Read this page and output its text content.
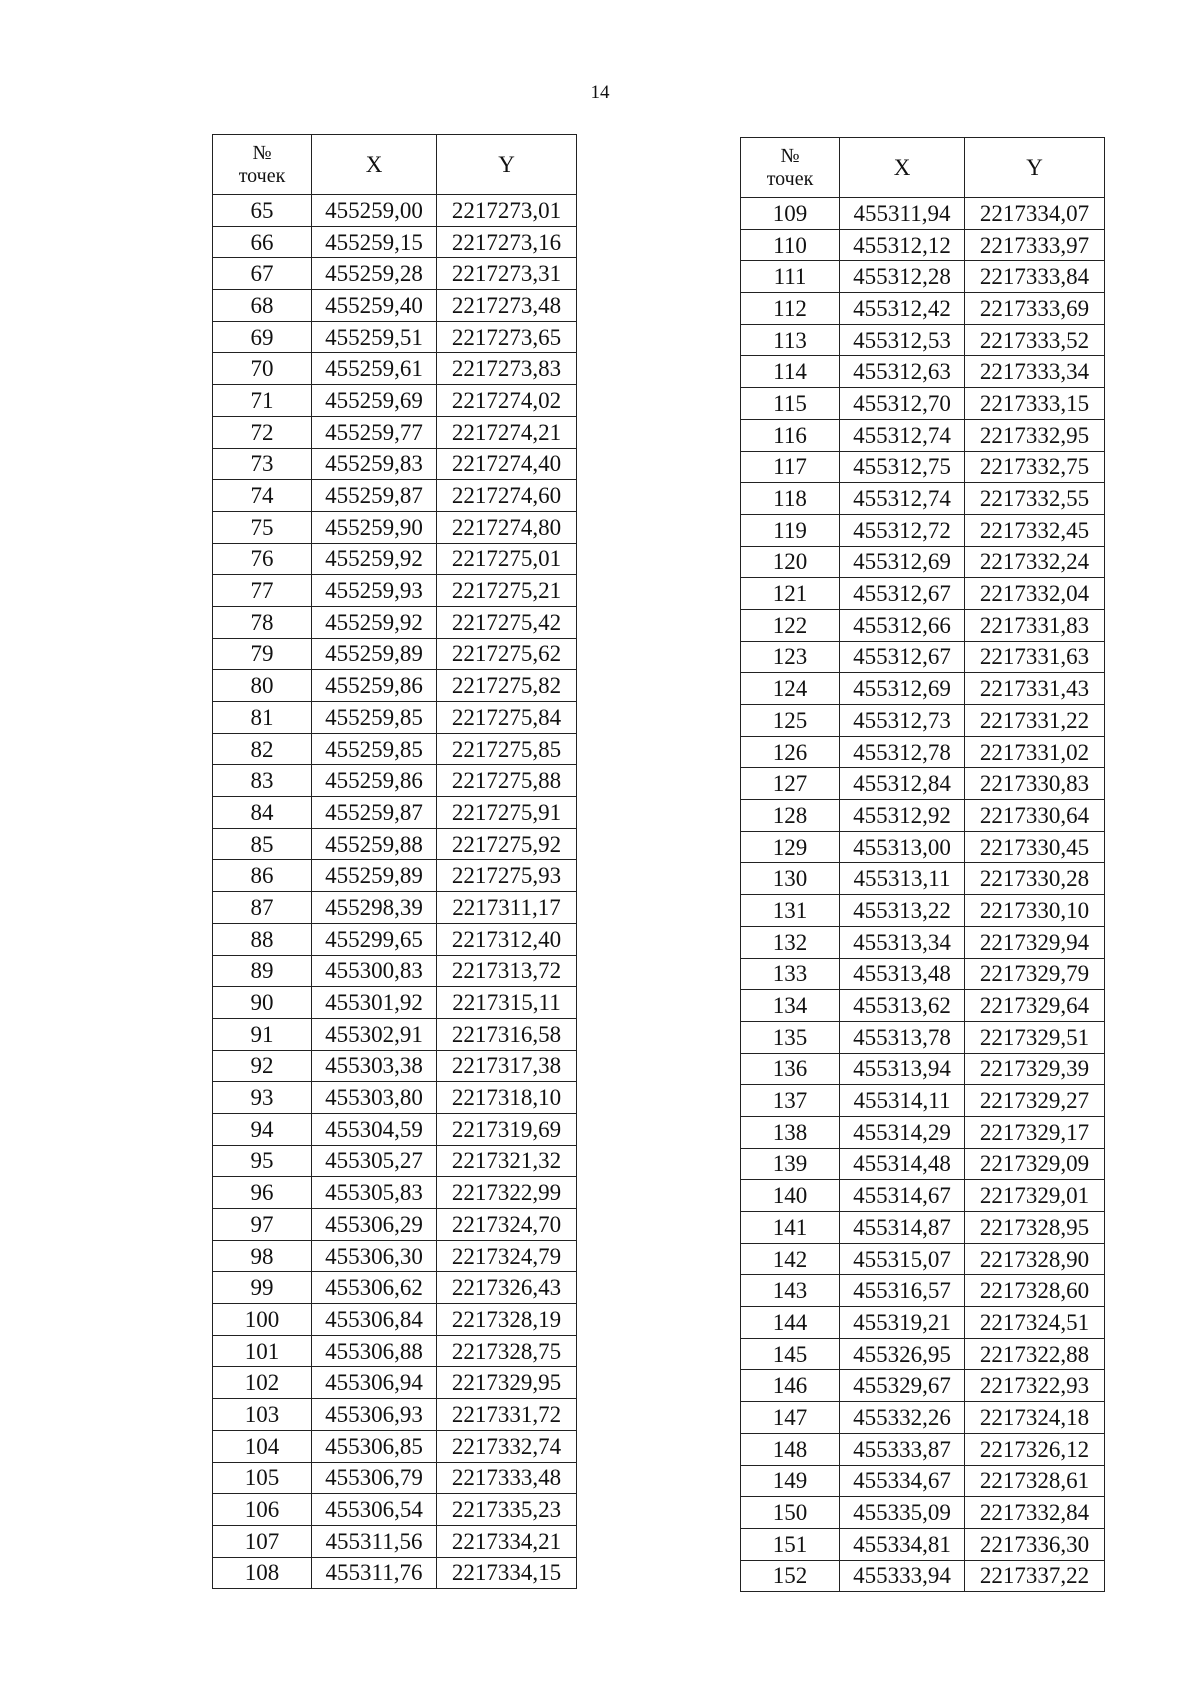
14
№
точек	X	Y
65	455259,00	2217273,01
66	455259,15	2217273,16
67	455259,28	2217273,31
68	455259,40	2217273,48
69	455259,51	2217273,65
70	455259,61	2217273,83
71	455259,69	2217274,02
72	455259,77	2217274,21
73	455259,83	2217274,40
74	455259,87	2217274,60
75	455259,90	2217274,80
76	455259,92	2217275,01
77	455259,93	2217275,21
78	455259,92	2217275,42
79	455259,89	2217275,62
80	455259,86	2217275,82
81	455259,85	2217275,84
82	455259,85	2217275,85
83	455259,86	2217275,88
84	455259,87	2217275,91
85	455259,88	2217275,92
86	455259,89	2217275,93
87	455298,39	2217311,17
88	455299,65	2217312,40
89	455300,83	2217313,72
90	455301,92	2217315,11
91	455302,91	2217316,58
92	455303,38	2217317,38
93	455303,80	2217318,10
94	455304,59	2217319,69
95	455305,27	2217321,32
96	455305,83	2217322,99
97	455306,29	2217324,70
98	455306,30	2217324,79
99	455306,62	2217326,43
100	455306,84	2217328,19
101	455306,88	2217328,75
102	455306,94	2217329,95
103	455306,93	2217331,72
104	455306,85	2217332,74
105	455306,79	2217333,48
106	455306,54	2217335,23
107	455311,56	2217334,21
108	455311,76	2217334,15
№
точек	X	Y
109	455311,94	2217334,07
110	455312,12	2217333,97
111	455312,28	2217333,84
112	455312,42	2217333,69
113	455312,53	2217333,52
114	455312,63	2217333,34
115	455312,70	2217333,15
116	455312,74	2217332,95
117	455312,75	2217332,75
118	455312,74	2217332,55
119	455312,72	2217332,45
120	455312,69	2217332,24
121	455312,67	2217332,04
122	455312,66	2217331,83
123	455312,67	2217331,63
124	455312,69	2217331,43
125	455312,73	2217331,22
126	455312,78	2217331,02
127	455312,84	2217330,83
128	455312,92	2217330,64
129	455313,00	2217330,45
130	455313,11	2217330,28
131	455313,22	2217330,10
132	455313,34	2217329,94
133	455313,48	2217329,79
134	455313,62	2217329,64
135	455313,78	2217329,51
136	455313,94	2217329,39
137	455314,11	2217329,27
138	455314,29	2217329,17
139	455314,48	2217329,09
140	455314,67	2217329,01
141	455314,87	2217328,95
142	455315,07	2217328,90
143	455316,57	2217328,60
144	455319,21	2217324,51
145	455326,95	2217322,88
146	455329,67	2217322,93
147	455332,26	2217324,18
148	455333,87	2217326,12
149	455334,67	2217328,61
150	455335,09	2217332,84
151	455334,81	2217336,30
152	455333,94	2217337,22
